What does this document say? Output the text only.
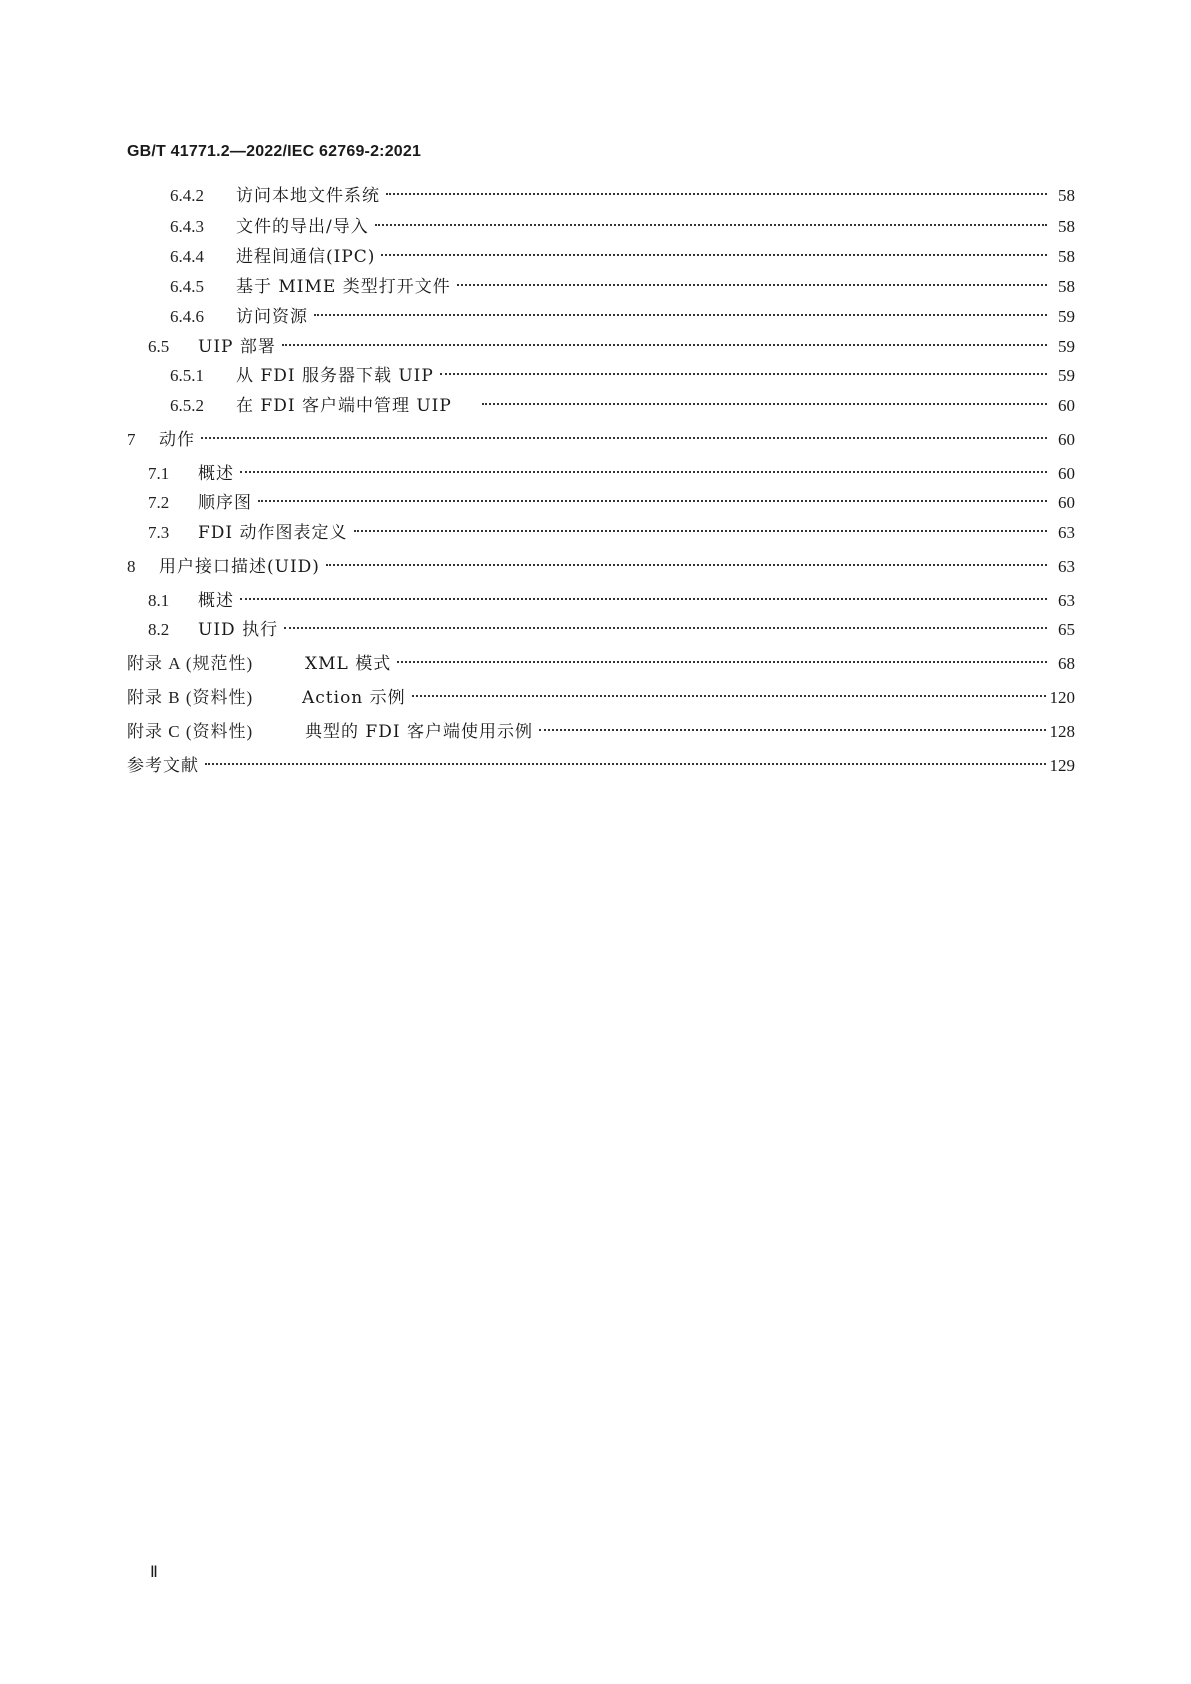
GB/T 41771.2—2022/IEC 62769-2:2021
6.4.2	访问本地文件系统	58
6.4.3	文件的导出/导入	58
6.4.4	进程间通信(IPC)	58
6.4.5	基于 MIME 类型打开文件	58
6.4.6	访问资源	59
6.5	UIP 部署	59
6.5.1	从 FDI 服务器下载 UIP	59
6.5.2	在 FDI 客户端中管理 UIP	60
7	动作	60
7.1	概述	60
7.2	顺序图	60
7.3	FDI 动作图表定义	63
8	用户接口描述(UID)	63
8.1	概述	63
8.2	UID 执行	65
附录 A (规范性)	XML 模式	68
附录 B (资料性)	Action 示例	120
附录 C (资料性)	典型的 FDI 客户端使用示例	128
参考文献	129
Ⅱ
